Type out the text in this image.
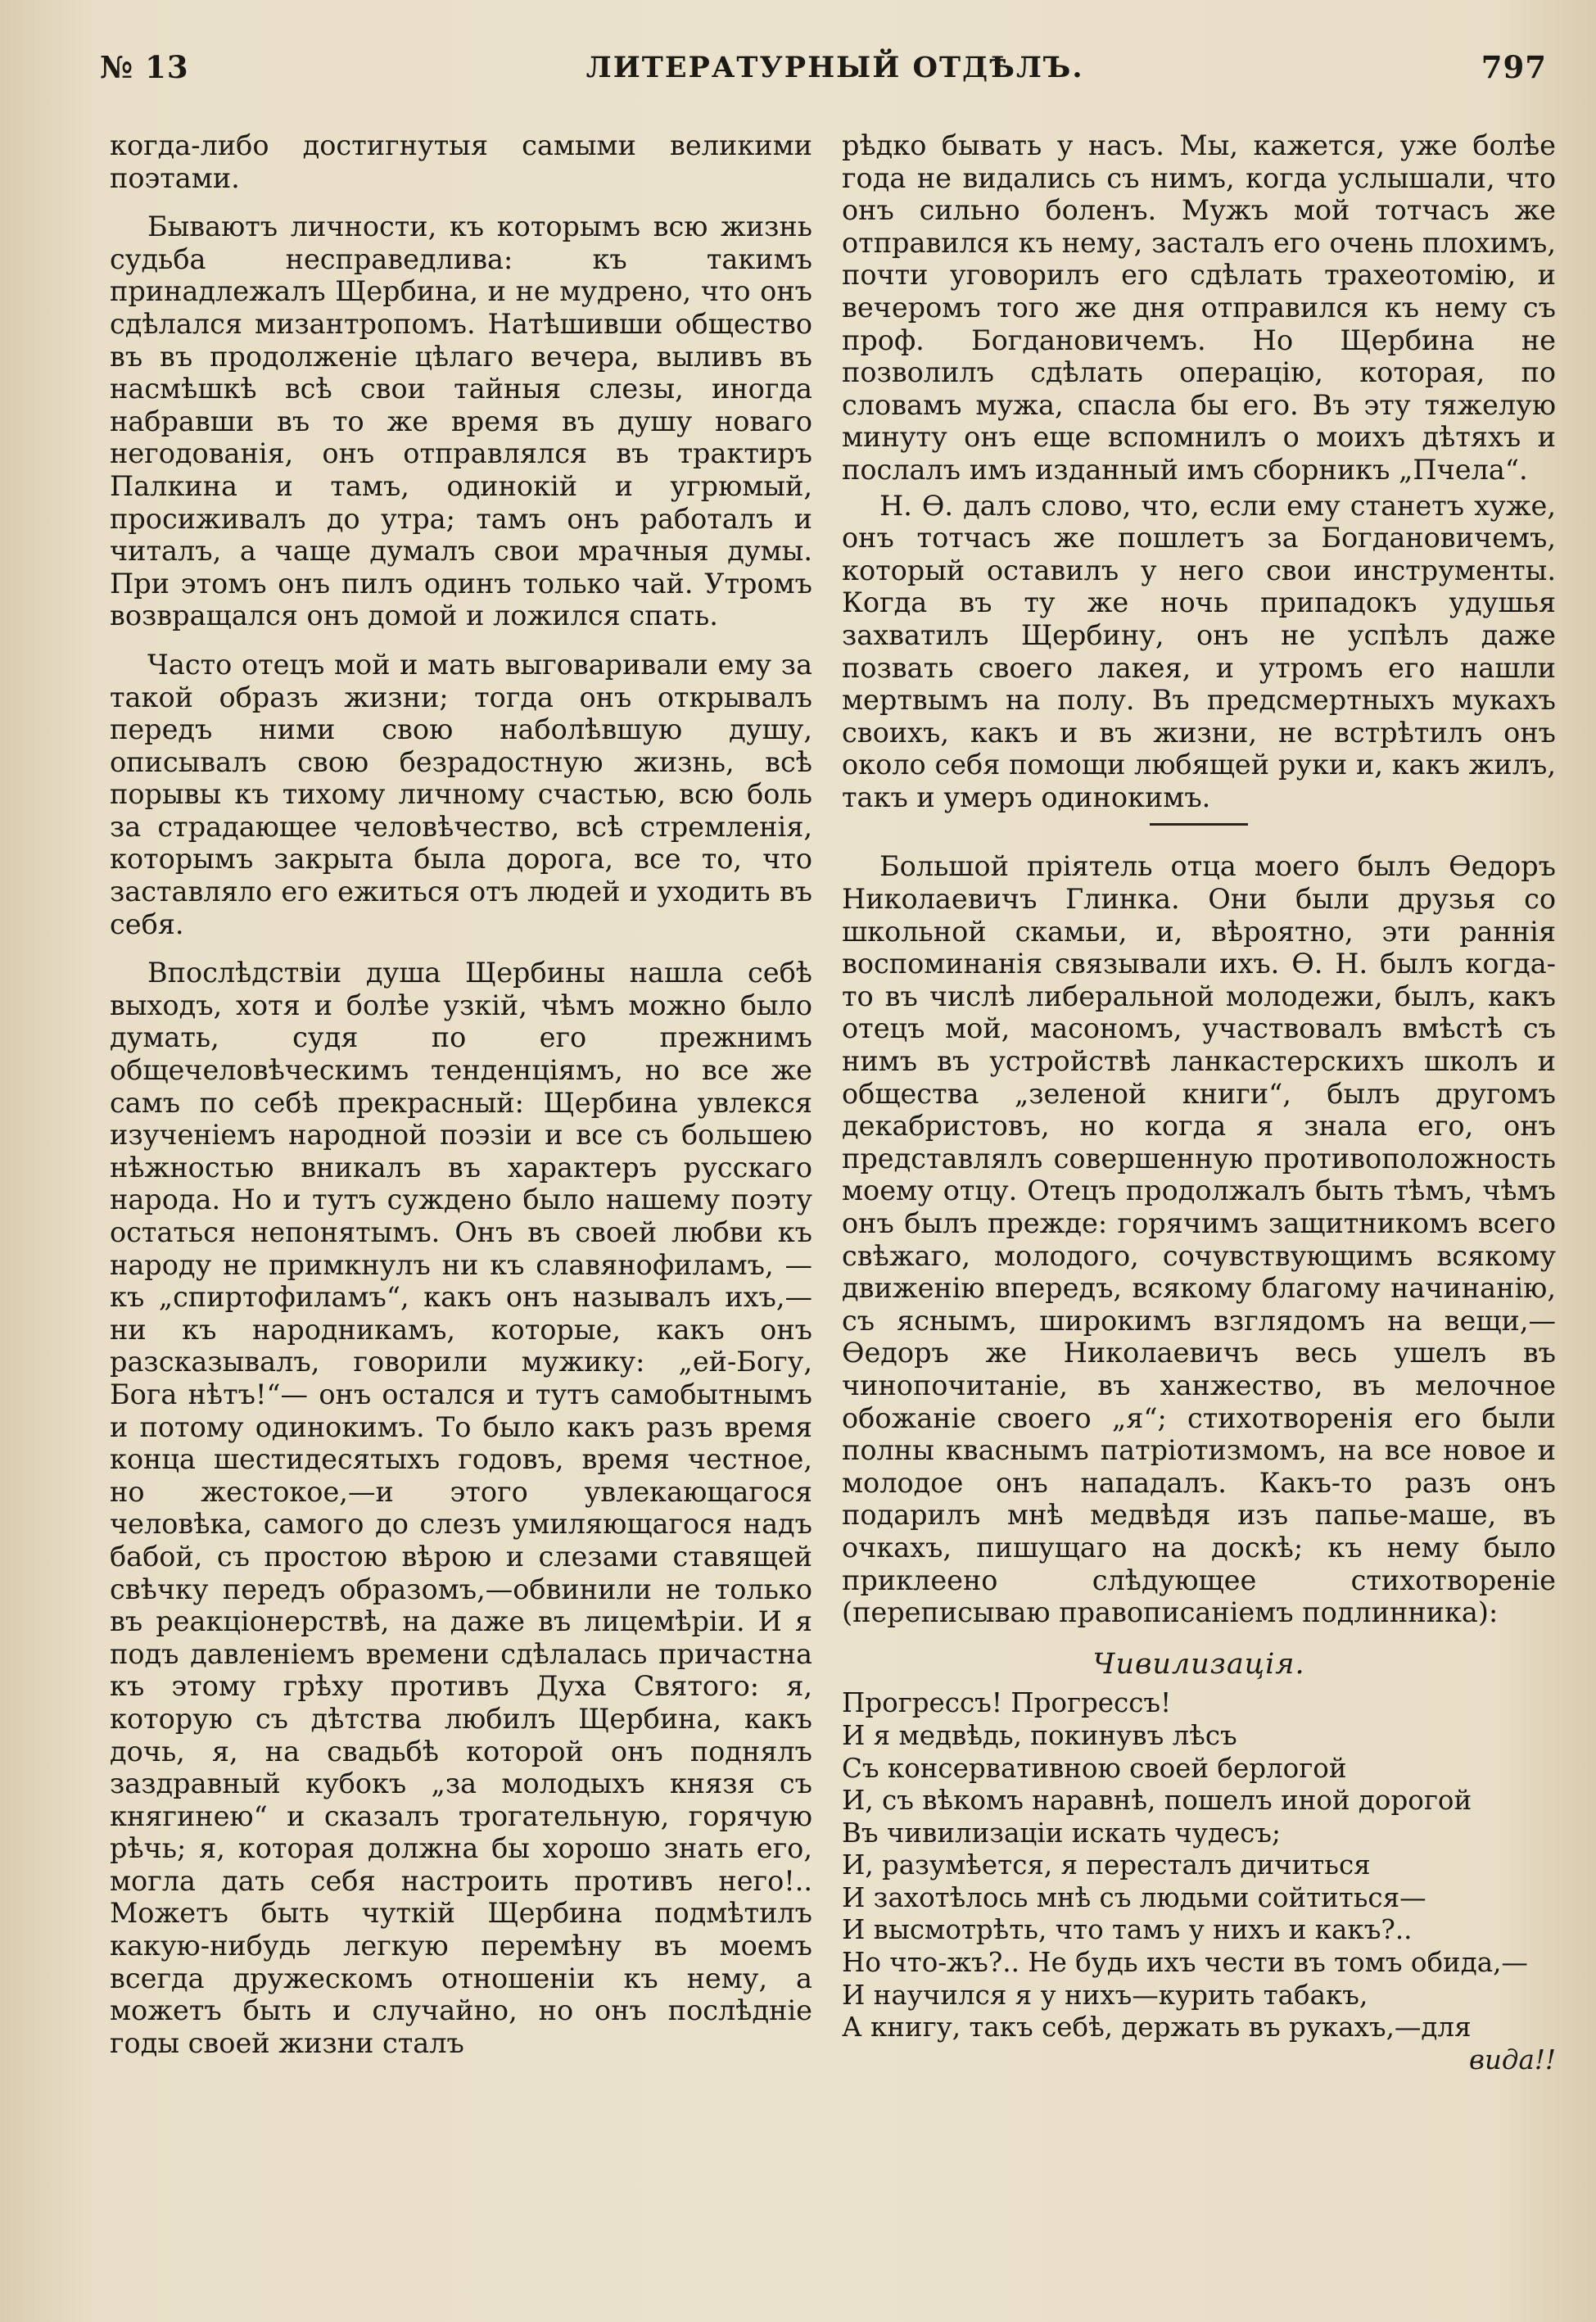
№ 13	ЛИТЕРАТУРНЫЙ ОТДѢЛЪ.	797

когда-либо достигнутыя самыми великими поэтами.

Бываютъ личности, къ которымъ всю жизнь судьба несправедлива: къ такимъ принадлежалъ Щербина, и не мудрено, что онъ сдѣлался мизантропомъ. Натѣшивши общество въ въ продолженіе цѣлаго вечера, выливъ въ насмѣшкѣ всѣ свои тайныя слезы, иногда набравши въ то же время въ душу новаго негодованія, онъ отправлялся въ трактиръ Палкина и тамъ, одинокій и угрюмый, просиживалъ до утра; тамъ онъ работалъ и читалъ, а чаще думалъ свои мрачныя думы. При этомъ онъ пилъ одинъ только чай. Утромъ возвращался онъ домой и ложился спать.

Часто отецъ мой и мать выговаривали ему за такой образъ жизни; тогда онъ открывалъ передъ ними свою наболѣвшую душу, описывалъ свою безрадостную жизнь, всѣ порывы къ тихому личному счастью, всю боль за страдающее человѣчество, всѣ стремленія, которымъ закрыта была дорога, все то, что заставляло его ежиться отъ людей и уходить въ себя.

Впослѣдствіи душа Щербины нашла себѣ выходъ, хотя и болѣе узкій, чѣмъ можно было думать, судя по его прежнимъ общечеловѣческимъ тенденціямъ, но все же самъ по себѣ прекрасный: Щербина увлекся изученіемъ народной поэзіи и все съ большею нѣжностью вникалъ въ характеръ русскаго народа. Но и тутъ суждено было нашему поэту остаться непонятымъ. Онъ въ своей любви къ народу не примкнулъ ни къ славянофиламъ, — къ „спиртофиламъ“, какъ онъ называлъ ихъ,—ни къ народникамъ, которые, какъ онъ разсказывалъ, говорили мужику: „ей-Богу, Бога нѣтъ!“— онъ остался и тутъ самобытнымъ и потому одинокимъ. То было какъ разъ время конца шестидесятыхъ годовъ, время честное, но жестокое,—и этого увлекающагося человѣка, самого до слезъ умиляющагося надъ бабой, съ простою вѣрою и слезами ставящей свѣчку передъ образомъ,—обвинили не только въ реакціонерствѣ, на даже въ лицемѣріи. И я подъ давленіемъ времени сдѣлалась причастна къ этому грѣху противъ Духа Святого: я, которую съ дѣтства любилъ Щербина, какъ дочь, я, на свадьбѣ которой онъ поднялъ заздравный кубокъ „за молодыхъ князя съ княгинею“ и сказалъ трогательную, горячую рѣчь; я, которая должна бы хорошо знать его, могла дать себя настроить противъ него!.. Можетъ быть чуткій Щербина подмѣтилъ какую-нибудь легкую перемѣну въ моемъ всегда дружескомъ отношеніи къ нему, а можетъ быть и случайно, но онъ послѣдніе годы своей жизни сталъ

рѣдко бывать у насъ. Мы, кажется, уже болѣе года не видались съ нимъ, когда услышали, что онъ сильно боленъ. Мужъ мой тотчасъ же отправился къ нему, засталъ его очень плохимъ, почти уговорилъ его сдѣлать трахеотомію, и вечеромъ того же дня отправился къ нему съ проф. Богдановичемъ. Но Щербина не позволилъ сдѣлать операцію, которая, по словамъ мужа, спасла бы его. Въ эту тяжелую минуту онъ еще вспомнилъ о моихъ дѣтяхъ и послалъ имъ изданный имъ сборникъ „Пчела“.

Н. Ѳ. далъ слово, что, если ему станетъ хуже, онъ тотчасъ же пошлетъ за Богдановичемъ, который оставилъ у него свои инструменты. Когда въ ту же ночь припадокъ удушья захватилъ Щербину, онъ не успѣлъ даже позвать своего лакея, и утромъ его нашли мертвымъ на полу. Въ предсмертныхъ мукахъ своихъ, какъ и въ жизни, не встрѣтилъ онъ около себя помощи любящей руки и, какъ жилъ, такъ и умеръ одинокимъ.

Большой пріятель отца моего былъ Ѳедоръ Николаевичъ Глинка. Они были друзья со школьной скамьи, и, вѣроятно, эти раннія воспоминанія связывали ихъ. Ѳ. Н. былъ когда-то въ числѣ либеральной молодежи, былъ, какъ отецъ мой, масономъ, участвовалъ вмѣстѣ съ нимъ въ устройствѣ ланкастерскихъ школъ и общества „зеленой книги“, былъ другомъ декабристовъ, но когда я знала его, онъ представлялъ совершенную противоположность моему отцу. Отецъ продолжалъ быть тѣмъ, чѣмъ онъ былъ прежде: горячимъ защитникомъ всего свѣжаго, молодого, сочувствующимъ всякому движенію впередъ, всякому благому начинанію, съ яснымъ, широкимъ взглядомъ на вещи,— Ѳедоръ же Николаевичъ весь ушелъ въ чинопочитаніе, въ ханжество, въ мелочное обожаніе своего „я“; стихотворенія его были полны кваснымъ патріотизмомъ, на все новое и молодое онъ нападалъ. Какъ-то разъ онъ подарилъ мнѣ медвѣдя изъ папье-маше, въ очкахъ, пишущаго на доскѣ; къ нему было приклеено слѣдующее стихотвореніе (переписываю правописаніемъ подлинника):

Чивилизація.
Прогрессъ! Прогрессъ!
И я медвѣдь, покинувъ лѣсъ
Съ консервативною своей берлогой
И, съ вѣкомъ наравнѣ, пошелъ иной дорогой
Въ чивилизаціи искать чудесъ;
И, разумѣется, я пересталъ дичиться
И захотѣлось мнѣ съ людьми сойтиться—
И высмотрѣть, что тамъ у нихъ и какъ?..
Но что-жъ?.. Не будь ихъ чести въ томъ обида,—
И научился я у нихъ—курить табакъ,
А книгу, такъ себѣ, держать въ рукахъ,—для
вида!!
